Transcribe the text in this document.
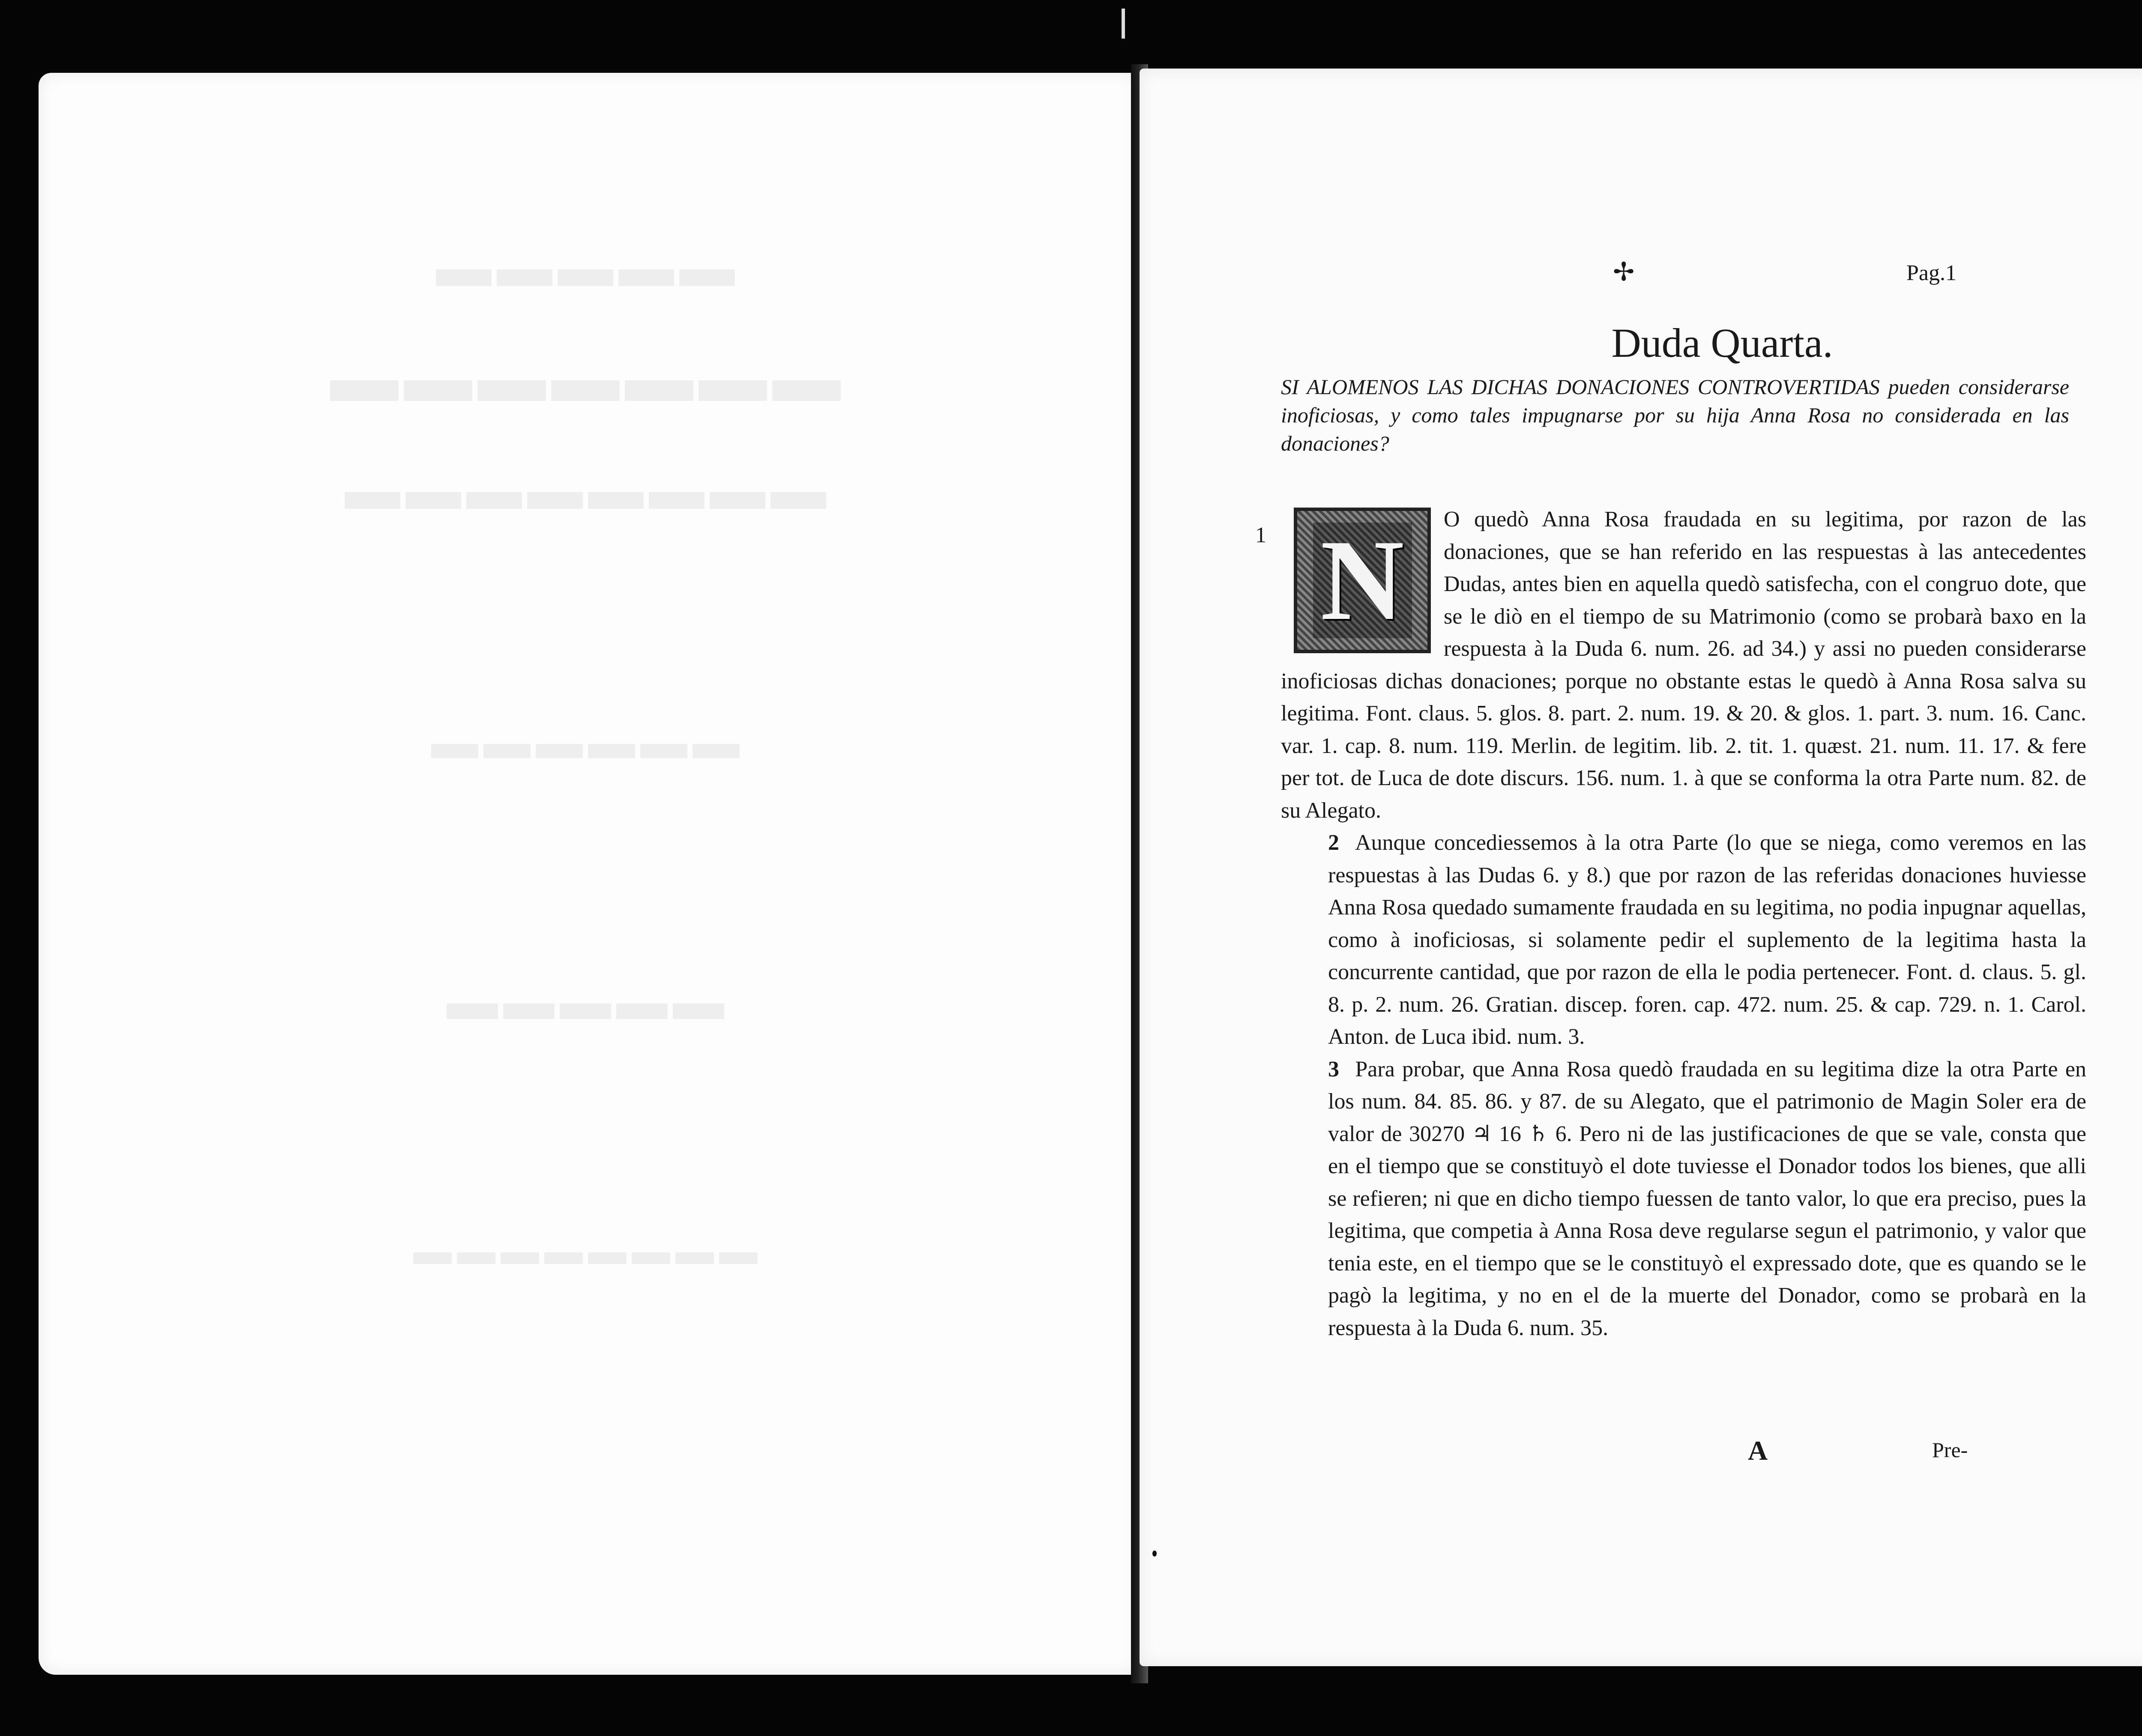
▬▬▬▬▬
▬▬▬▬▬▬▬
▬▬▬▬▬▬▬▬
▬▬▬▬▬▬
▬▬▬▬▬
▬▬▬▬▬▬▬▬
✢	Pag.1
Duda Quarta.
SI ALOMENOS LAS DICHAS DONACIONES CONTROVERTIDAS pueden considerarse inoficiosas, y como tales impugnarse por su hija Anna Rosa no considerada en las donaciones?
1 N	O quedò Anna Rosa fraudada en su legitima, por razon de las donaciones, que se han referido en las respuestas à las antecedentes Dudas, antes bien en aquella quedò satisfecha, con el congruo dote, que se le diò en el tiempo de su Matrimonio (como se probarà baxo en la respuesta à la Duda 6. num. 26. ad 34.) y assi no pueden considerarse inoficiosas dichas donaciones; porque no obstante estas le quedò à Anna Rosa salva su legitima. Font. claus. 5. glos. 8. part. 2. num. 19. & 20. & glos. 1. part. 3. num. 16. Canc. var. 1. cap. 8. num. 119. Merlin. de legitim. lib. 2. tit. 1. quæst. 21. num. 11. 17. & fere per tot. de Luca de dote discurs. 156. num. 1. à que se conforma la otra Parte num. 82. de su Alegato.

2 Aunque concediessemos à la otra Parte (lo que se niega, como veremos en las respuestas à las Dudas 6. y 8.) que por razon de las referidas donaciones huviesse Anna Rosa quedado sumamente fraudada en su legitima, no podia inpugnar aquellas, como à inoficiosas, si solamente pedir el suplemento de la legitima hasta la concurrente cantidad, que por razon de ella le podia pertenecer. Font. d. claus. 5. gl. 8. p. 2. num. 26. Gratian. discep. foren. cap. 472. num. 25. & cap. 729. n. 1. Carol. Anton. de Luca ibid. num. 3.

3 Para probar, que Anna Rosa quedò fraudada en su legitima dize la otra Parte en los num. 84. 85. 86. y 87. de su Alegato, que el patrimonio de Magin Soler era de valor de 30270 ♃ 16 ♄ 6. Pero ni de las justificaciones de que se vale, consta que en el tiempo que se constituyò el dote tuviesse el Donador todos los bienes, que alli se refieren; ni que en dicho tiempo fuessen de tanto valor, lo que era preciso, pues la legitima, que competia à Anna Rosa deve regularse segun el patrimonio, y valor que tenia este, en el tiempo que se le constituyò el expressado dote, que es quando se le pagò la legitima, y no en el de la muerte del Donador, como se probarà en la respuesta à la Duda 6. num. 35.

A	Pre-
